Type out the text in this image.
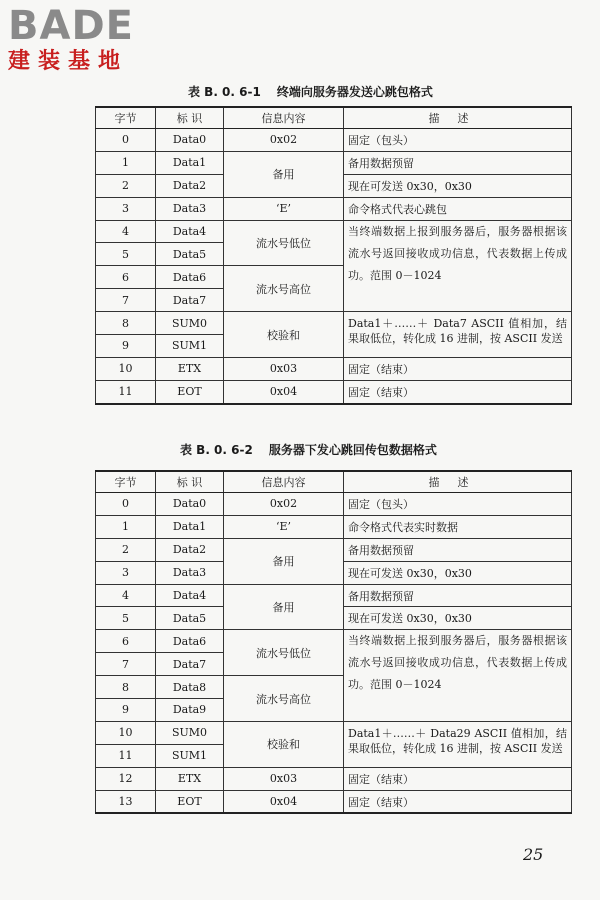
BADE
建装基地
表 B. 0. 6-1 终端向服务器发送心跳包格式
字节	标 识	信息内容	描述
0	Data0	0x02	固定（包头）
1	Data1	备用	备用数据预留
2	Data2		现在可发送 0x30，0x30
3	Data3	‘E’	命令格式代表心跳包
4	Data4	流水号低位	当终端数据上报到服务器后，服务器根据该流水号返回接收成功信息，代表数据上传成功。范围 0－1024
5	Data5		
6	Data6	流水号高位	
7	Data7		
8	SUM0	校验和	Data1＋……＋ Data7 ASCII 值相加，结果取低位，转化成 16 进制，按 ASCII 发送
9	SUM1		
10	ETX	0x03	固定（结束）
11	EOT	0x04	固定（结束）
表 B. 0. 6-2 服务器下发心跳回传包数据格式
字节	标 识	信息内容	描述
0	Data0	0x02	固定（包头）
1	Data1	‘E’	命令格式代表实时数据
2	Data2	备用	备用数据预留
3	Data3		现在可发送 0x30，0x30
4	Data4	备用	备用数据预留
5	Data5		现在可发送 0x30，0x30
6	Data6	流水号低位	当终端数据上报到服务器后，服务器根据该流水号返回接收成功信息，代表数据上传成功。范围 0－1024
7	Data7		
8	Data8	流水号高位	
9	Data9		
10	SUM0	校验和	Data1＋……＋ Data29 ASCII 值相加，结果取低位，转化成 16 进制，按 ASCII 发送
11	SUM1		
12	ETX	0x03	固定（结束）
13	EOT	0x04	固定（结束）
25
